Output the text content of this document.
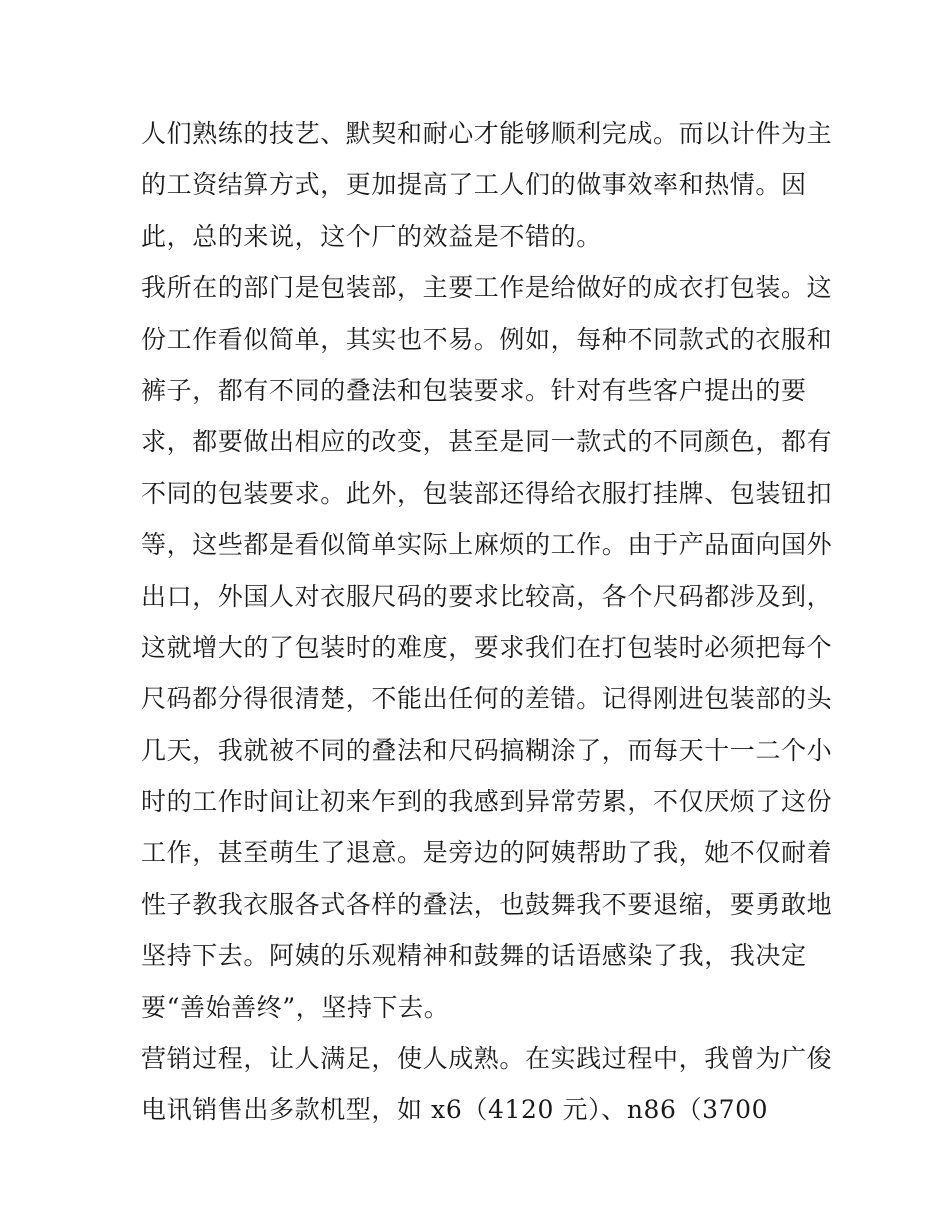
人们熟练的技艺、默契和耐心才能够顺利完成。而以计件为主
的工资结算方式，更加提高了工人们的做事效率和热情。因
此，总的来说，这个厂的效益是不错的。
我所在的部门是包装部，主要工作是给做好的成衣打包装。这
份工作看似简单，其实也不易。例如，每种不同款式的衣服和
裤子，都有不同的叠法和包装要求。针对有些客户提出的要
求，都要做出相应的改变，甚至是同一款式的不同颜色，都有
不同的包装要求。此外，包装部还得给衣服打挂牌、包装钮扣
等，这些都是看似简单实际上麻烦的工作。由于产品面向国外
出口，外国人对衣服尺码的要求比较高，各个尺码都涉及到，
这就增大的了包装时的难度，要求我们在打包装时必须把每个
尺码都分得很清楚，不能出任何的差错。记得刚进包装部的头
几天，我就被不同的叠法和尺码搞糊涂了，而每天十一二个小
时的工作时间让初来乍到的我感到异常劳累，不仅厌烦了这份
工作，甚至萌生了退意。是旁边的阿姨帮助了我，她不仅耐着
性子教我衣服各式各样的叠法，也鼓舞我不要退缩，要勇敢地
坚持下去。阿姨的乐观精神和鼓舞的话语感染了我，我决定
要“善始善终”，坚持下去。
营销过程，让人满足，使人成熟。在实践过程中，我曾为广俊
电讯销售出多款机型，如 x6（4120 元）、n86（3700
